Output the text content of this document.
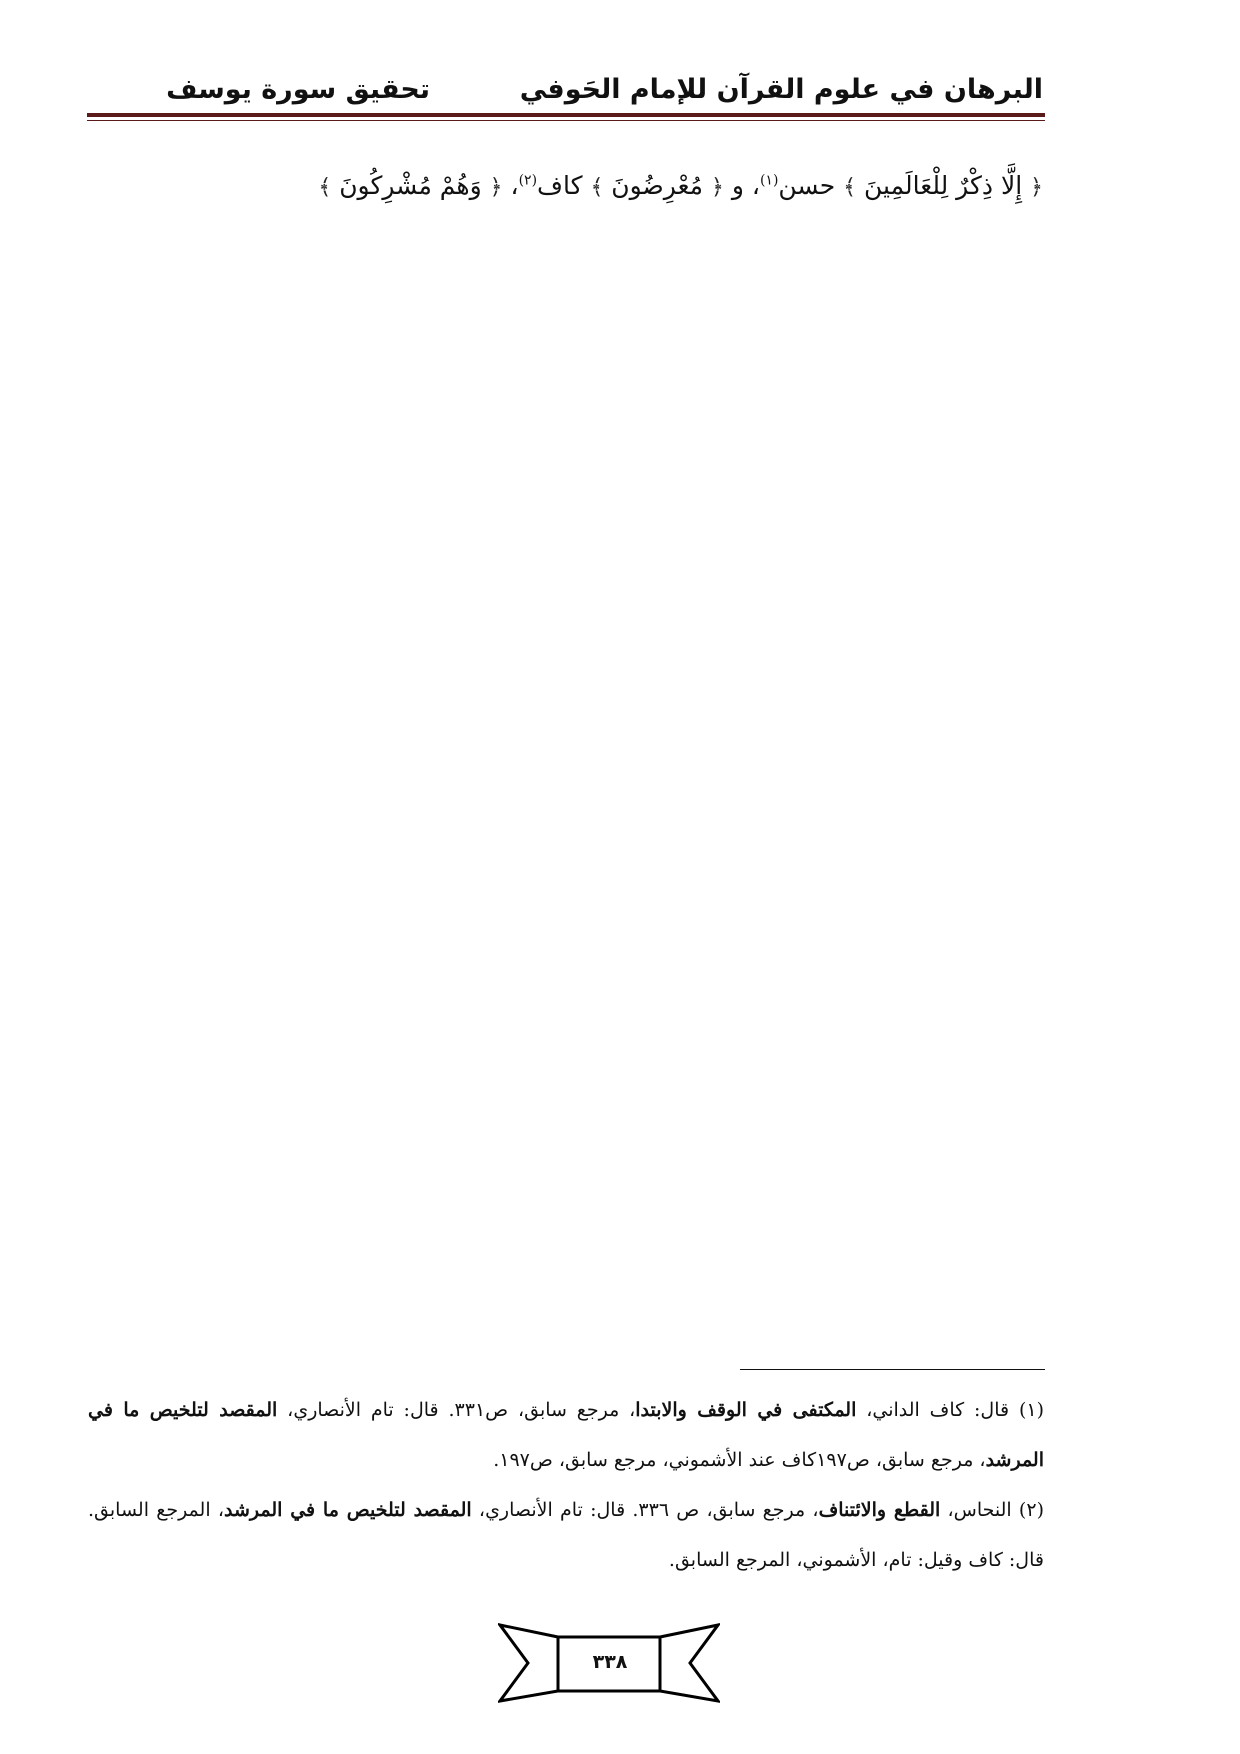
البرهان في علوم القرآن للإمام الحَوفي
تحقيق سورة يوسف
﴿ إِلَّا ذِكْرٌ لِلْعَالَمِينَ ﴾ حسن$^{(١)}$، و ﴿ مُعْرِضُونَ ﴾ كاف$^{(٢)}$، ﴿ وَهُمْ مُشْرِكُونَ ﴾
(١) قال: كاف الداني، المكتفى في الوقف والابتدا، مرجع سابق، ص٣٣١. قال: تام الأنصاري، المقصد لتلخيص ما في المرشد، مرجع سابق، ص١٩٧كاف عند الأشموني، مرجع سابق، ص١٩٧.
(٢) النحاس، القطع والائتناف، مرجع سابق، ص ٣٣٦. قال: تام الأنصاري، المقصد لتلخيص ما في المرشد، المرجع السابق. قال: كاف وقيل: تام، الأشموني، المرجع السابق.
٣٣٨
